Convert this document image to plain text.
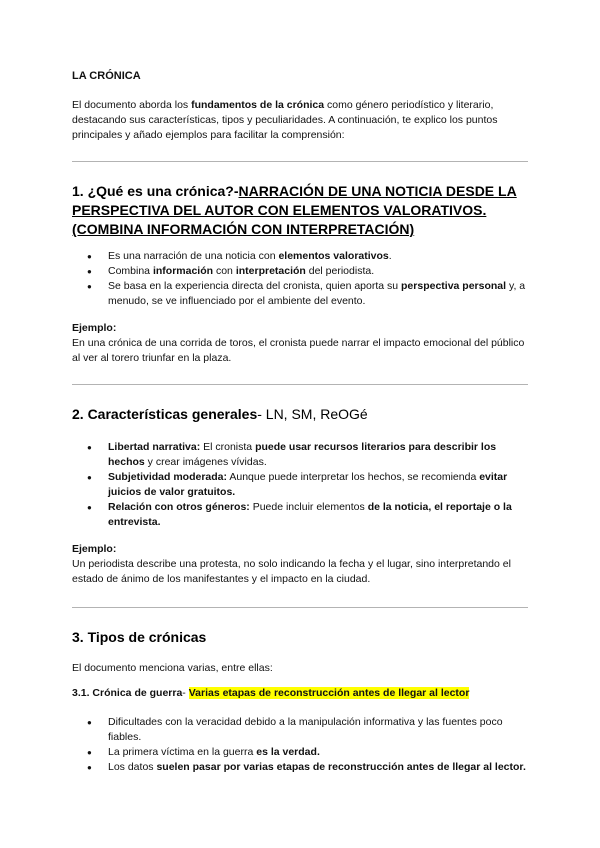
LA CRÓNICA

El documento aborda los fundamentos de la crónica como género periodístico y literario, destacando sus características, tipos y peculiaridades. A continuación, te explico los puntos principales y añado ejemplos para facilitar la comprensión:

1. ¿Qué es una crónica?-NARRACIÓN DE UNA NOTICIA DESDE LA PERSPECTIVA DEL AUTOR CON ELEMENTOS VALORATIVOS. (COMBINA INFORMACIÓN CON INTERPRETACIÓN)
● Es una narración de una noticia con elementos valorativos.
● Combina información con interpretación del periodista.
● Se basa en la experiencia directa del cronista, quien aporta su perspectiva personal y, a menudo, se ve influenciado por el ambiente del evento.
Ejemplo:

En una crónica de una corrida de toros, el cronista puede narrar el impacto emocional del público al ver al torero triunfar en la plaza.

2. Características generales- LN, SM, ReOGé
● Libertad narrativa: El cronista puede usar recursos literarios para describir los hechos y crear imágenes vívidas.
● Subjetividad moderada: Aunque puede interpretar los hechos, se recomienda evitar juicios de valor gratuitos.
● Relación con otros géneros: Puede incluir elementos de la noticia, el reportaje o la entrevista.
Ejemplo:

Un periodista describe una protesta, no solo indicando la fecha y el lugar, sino interpretando el estado de ánimo de los manifestantes y el impacto en la ciudad.

3. Tipos de crónicas

El documento menciona varias, entre ellas:

3.1. Crónica de guerra- Varias etapas de reconstrucción antes de llegar al lector
● Dificultades con la veracidad debido a la manipulación informativa y las fuentes poco fiables.
● La primera víctima en la guerra es la verdad.
● Los datos suelen pasar por varias etapas de reconstrucción antes de llegar al lector.
